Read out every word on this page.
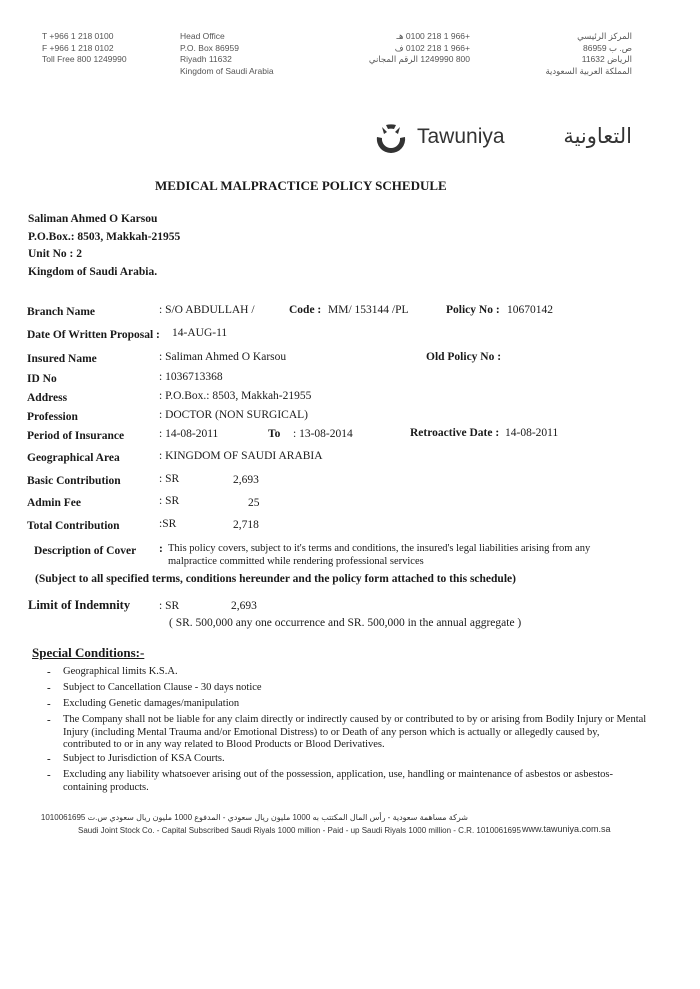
T +966 1 218 0100
F +966 1 218 0102
Toll Free 800 1249990
Head Office
P.O. Box 86959
Riyadh 11632
Kingdom of Saudi Arabia
+966 1 218 0100 هـ
+966 1 218 0102 ف
800 1249990 الرقم المجاني
المركز الرئيسي
ص. ب 86959
الرياض 11632
المملكة العربية السعودية
Tawuniya	التعاونية
MEDICAL MALPRACTICE POLICY SCHEDULE
Saliman Ahmed O Karsou
P.O.Box.: 8503, Makkah-21955
Unit No : 2
Kingdom of Saudi Arabia.
Branch Name	: S/O ABDULLAH /	Code : MM/ 153144 /PL	Policy No : 10670142
Date Of Written Proposal : 14-AUG-11
Insured Name	: Saliman Ahmed O Karsou	Old Policy No :
ID No	: 1036713368
Address	: P.O.Box.: 8503, Makkah-21955
Profession	: DOCTOR (NON SURGICAL)
Period of Insurance	: 14-08-2011	To : 13-08-2014	Retroactive Date : 14-08-2011
Geographical Area	: KINGDOM OF SAUDI ARABIA
Basic Contribution	: SR	2,693
Admin Fee	: SR	25
Total Contribution	:SR	2,718
Description of Cover : This policy covers, subject to it's terms and conditions, the insured's legal liabilities arising from any
malpractice committed while rendering professional services
(Subject to all specified terms, conditions hereunder and the policy form attached to this schedule)
Limit of Indemnity	: SR	2,693
( SR. 500,000 any one occurrence and SR. 500,000 in the annual aggregate )
Special Conditions:-
- Geographical limits K.S.A.
- Subject to Cancellation Clause - 30 days notice
- Excluding Genetic damages/manipulation
- The Company shall not be liable for any claim directly or indirectly caused by or contributed to by or arising from Bodily Injury or Mental Injury (including Mental Trauma and/or Emotional Distress) to or Death of any person which is actually or allegedly caused by, contributed to or in any way related to Blood Products or Blood Derivatives.
- Subject to Jurisdiction of KSA Courts.
- Excluding any liability whatsoever arising out of the possession, application, use, handling or maintenance of asbestos or asbestos-containing products.
شركة مساهمة سعودية - رأس المال المكتتب به 1000 مليون ريال سعودي - المدفوع 1000 مليون ريال سعودي س.ت 1010061695
Saudi Joint Stock Co. - Capital Subscribed Saudi Riyals 1000 million - Paid - up Saudi Riyals 1000 million - C.R. 1010061695 www.tawuniya.com.sa
